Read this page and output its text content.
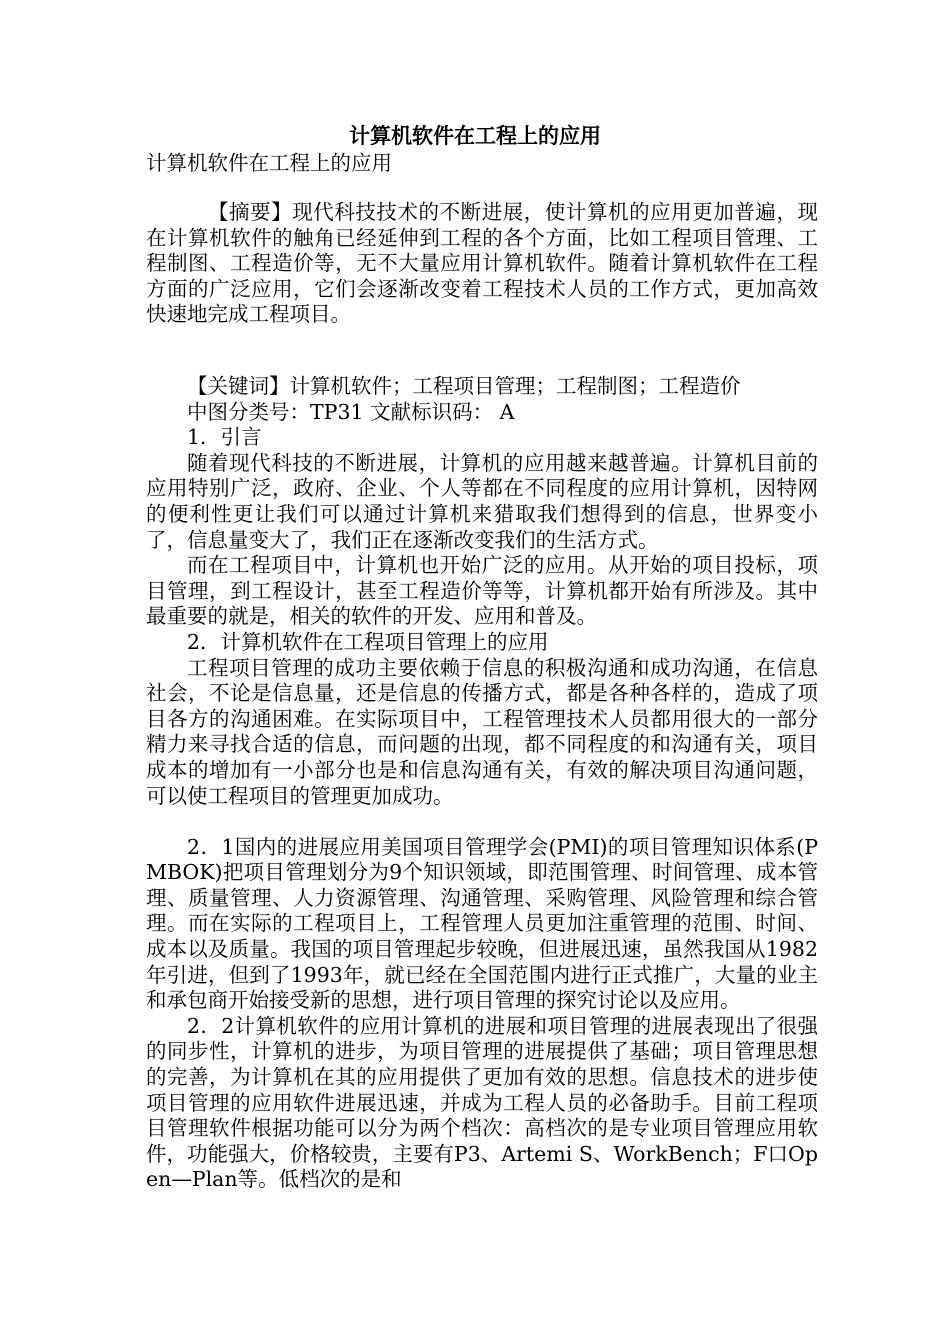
计算机软件在工程上的应用
计算机软件在工程上的应用

【摘要】现代科技技术的不断进展，使计算机的应用更加普遍，现在计算机软件的触角已经延伸到工程的各个方面，比如工程项目管理、工程制图、工程造价等，无不大量应用计算机软件。随着计算机软件在工程方面的广泛应用，它们会逐渐改变着工程技术人员的工作方式，更加高效快速地完成工程项目。

【关键词】计算机软件；工程项目管理；工程制图；工程造价

中图分类号：TP31 文献标识码： A

1．引言

随着现代科技的不断进展，计算机的应用越来越普遍。计算机目前的应用特别广泛，政府、企业、个人等都在不同程度的应用计算机，因特网的便利性更让我们可以通过计算机来猎取我们想得到的信息，世界变小了，信息量变大了，我们正在逐渐改变我们的生活方式。

而在工程项目中，计算机也开始广泛的应用。从开始的项目投标，项目管理，到工程设计，甚至工程造价等等，计算机都开始有所涉及。其中最重要的就是，相关的软件的开发、应用和普及。

2．计算机软件在工程项目管理上的应用

工程项目管理的成功主要依赖于信息的积极沟通和成功沟通，在信息社会，不论是信息量，还是信息的传播方式，都是各种各样的，造成了项目各方的沟通困难。在实际项目中，工程管理技术人员都用很大的一部分精力来寻找合适的信息，而问题的出现，都不同程度的和沟通有关，项目成本的增加有一小部分也是和信息沟通有关，有效的解决项目沟通问题，可以使工程项目的管理更加成功。

2．1国内的进展应用美国项目管理学会(PMI)的项目管理知识体系(PMBOK)把项目管理划分为9个知识领域，即范围管理、时间管理、成本管理、质量管理、人力资源管理、沟通管理、采购管理、风险管理和综合管理。而在实际的工程项目上，工程管理人员更加注重管理的范围、时间、成本以及质量。我国的项目管理起步较晚，但进展迅速，虽然我国从1982年引进，但到了1993年，就已经在全国范围内进行正式推广，大量的业主和承包商开始接受新的思想，进行项目管理的探究讨论以及应用。

2．2计算机软件的应用计算机的进展和项目管理的进展表现出了很强的同步性，计算机的进步，为项目管理的进展提供了基础；项目管理思想的完善，为计算机在其的应用提供了更加有效的思想。信息技术的进步使项目管理的应用软件进展迅速，并成为工程人员的必备助手。目前工程项目管理软件根据功能可以分为两个档次：高档次的是专业项目管理应用软件，功能强大，价格较贵，主要有P3、Artemi S、WorkBench；F口Open—Plan等。低档次的是和
